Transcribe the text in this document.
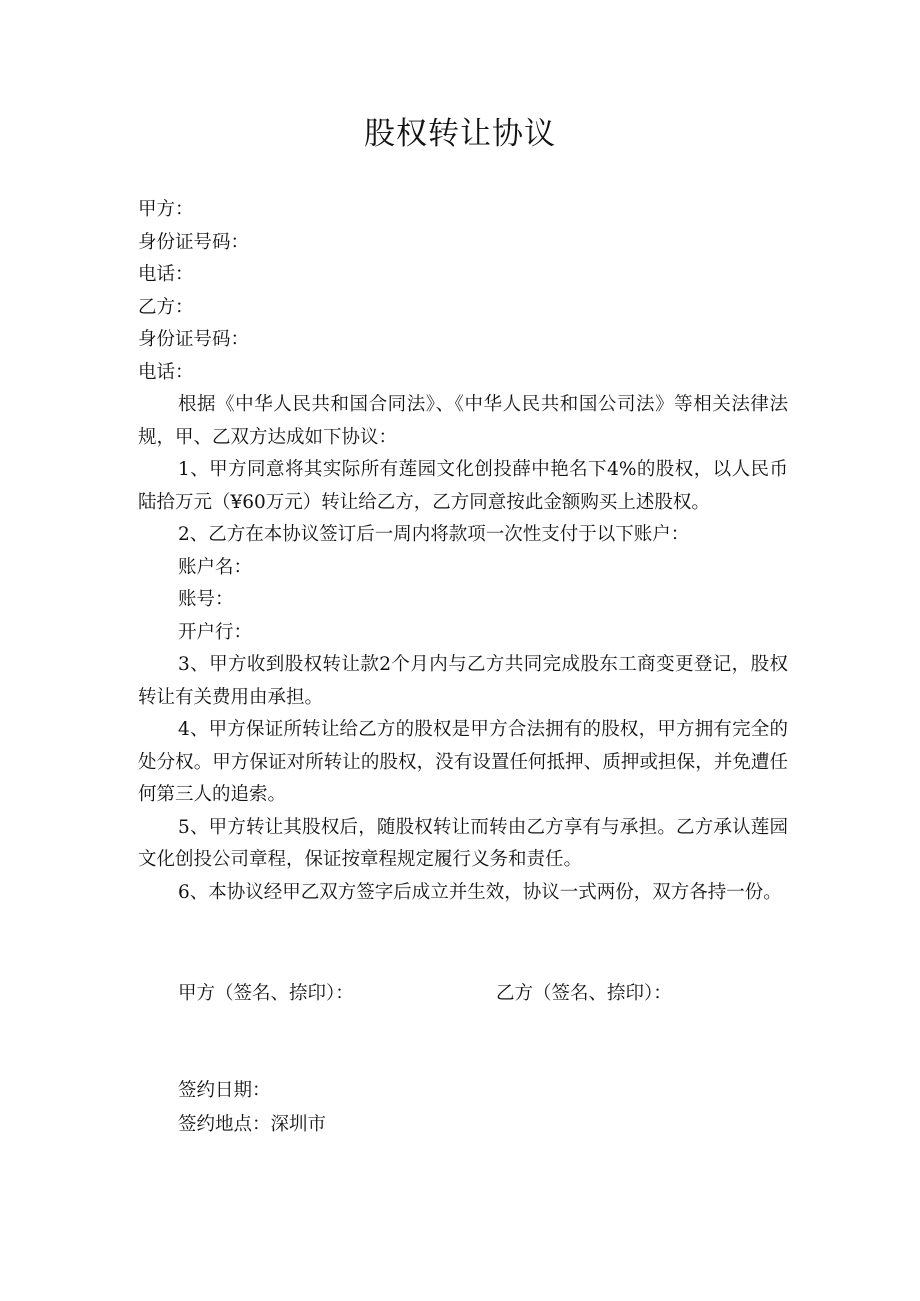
股权转让协议

甲方：

身份证号码：

电话：

乙方：

身份证号码：

电话：

根据《中华人民共和国合同法》、《中华人民共和国公司法》等相关法律法规，甲、乙双方达成如下协议：

1、甲方同意将其实际所有莲园文化创投薛中艳名下4%的股权，以人民币陆拾万元（¥60万元）转让给乙方，乙方同意按此金额购买上述股权。

2、乙方在本协议签订后一周内将款项一次性支付于以下账户：

账户名：

账号：

开户行：

3、甲方收到股权转让款2个月内与乙方共同完成股东工商变更登记，股权转让有关费用由承担。

4、甲方保证所转让给乙方的股权是甲方合法拥有的股权，甲方拥有完全的处分权。甲方保证对所转让的股权，没有设置任何抵押、质押或担保，并免遭任何第三人的追索。

5、甲方转让其股权后，随股权转让而转由乙方享有与承担。乙方承认莲园文化创投公司章程，保证按章程规定履行义务和责任。

6、本协议经甲乙双方签字后成立并生效，协议一式两份，双方各持一份。

甲方（签名、捺印）：	乙方（签名、捺印）：

签约日期：

签约地点：深圳市
